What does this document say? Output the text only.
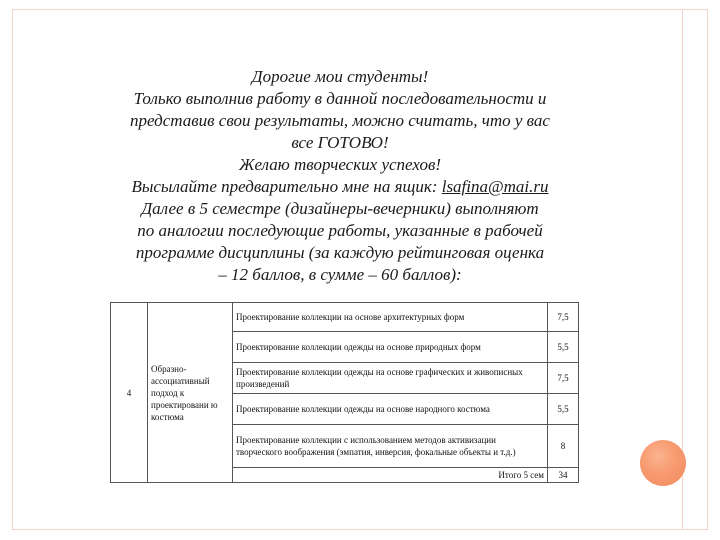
Дорогие мои студенты!
Только выполнив работу в данной последовательности и
представив свои результаты, можно считать, что у вас
все ГОТОВО!
Желаю творческих успехов!
Высылайте предварительно мне на ящик: lsafina@mai.ru
Далее в 5 семестре (дизайнеры-вечерники) выполняют
по аналогии последующие работы, указанные в рабочей
программе дисциплины (за каждую рейтинговая оценка
– 12 баллов, в сумме – 60 баллов):
4	Образно-ассоциативный подход к проектировани ю костюма	Проектирование коллекции на основе архитектурных форм	7,5
		Проектирование коллекции одежды на основе природных форм	5,5
		Проектирование коллекции одежды на основе графических и живописных произведений	7,5
		Проектирование коллекции одежды на основе народного костюма	5,5
		Проектирование коллекции с использованием методов активизации творческого воображения (эмпатия, инверсия, фокальные объекты и т.д.)	8
		Итого 5 сем	34
